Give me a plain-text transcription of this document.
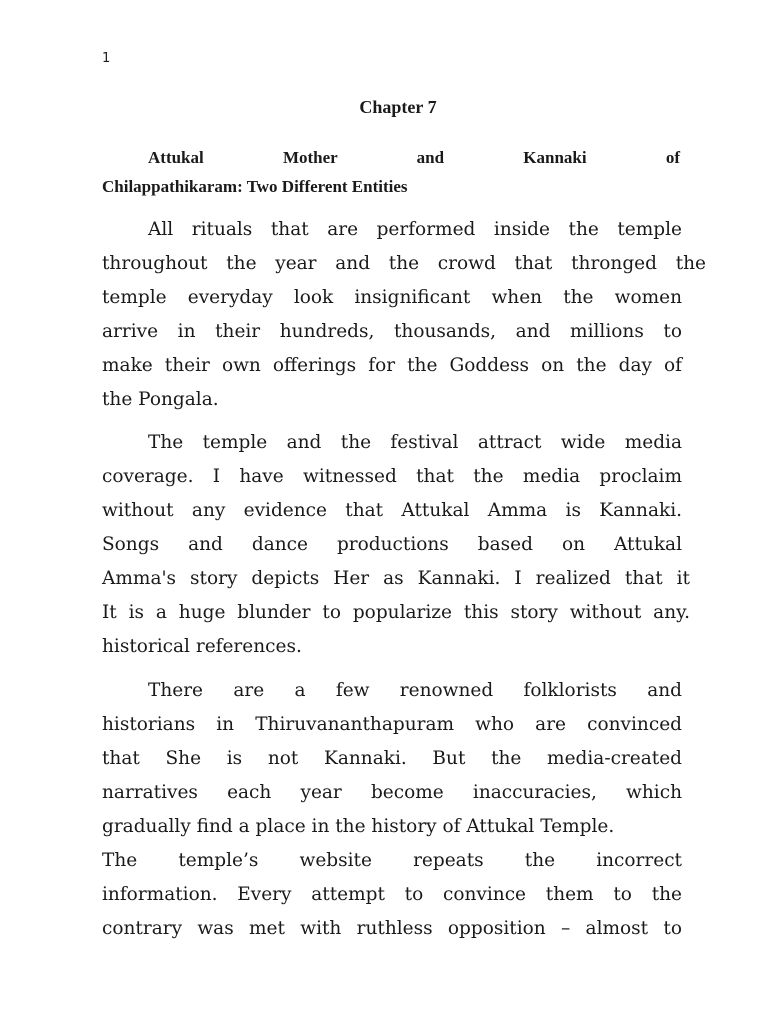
1
Chapter 7
Attukal Mother and Kannaki of
Chilappathikaram: Two Different Entities
All rituals that are performed inside the temple
throughout the year and the crowd that thronged the
temple everyday look insignificant when the women
arrive in their hundreds, thousands, and millions to
make their own offerings for the Goddess on the day of
the Pongala.
The temple and the festival attract wide media
coverage. I have witnessed that the media proclaim
without any evidence that Attukal Amma is Kannaki.
Songs and dance productions based on Attukal
Amma's story depicts Her as Kannaki. I realized that it
It is a huge blunder to popularize this story without any.
historical references.
There are a few renowned folklorists and
historians in Thiruvananthapuram who are convinced
that She is not Kannaki. But the media-created
narratives each year become inaccuracies, which
gradually find a place in the history of Attukal Temple.
The temple’s website repeats the incorrect
information. Every attempt to convince them to the
contrary was met with ruthless opposition – almost to
